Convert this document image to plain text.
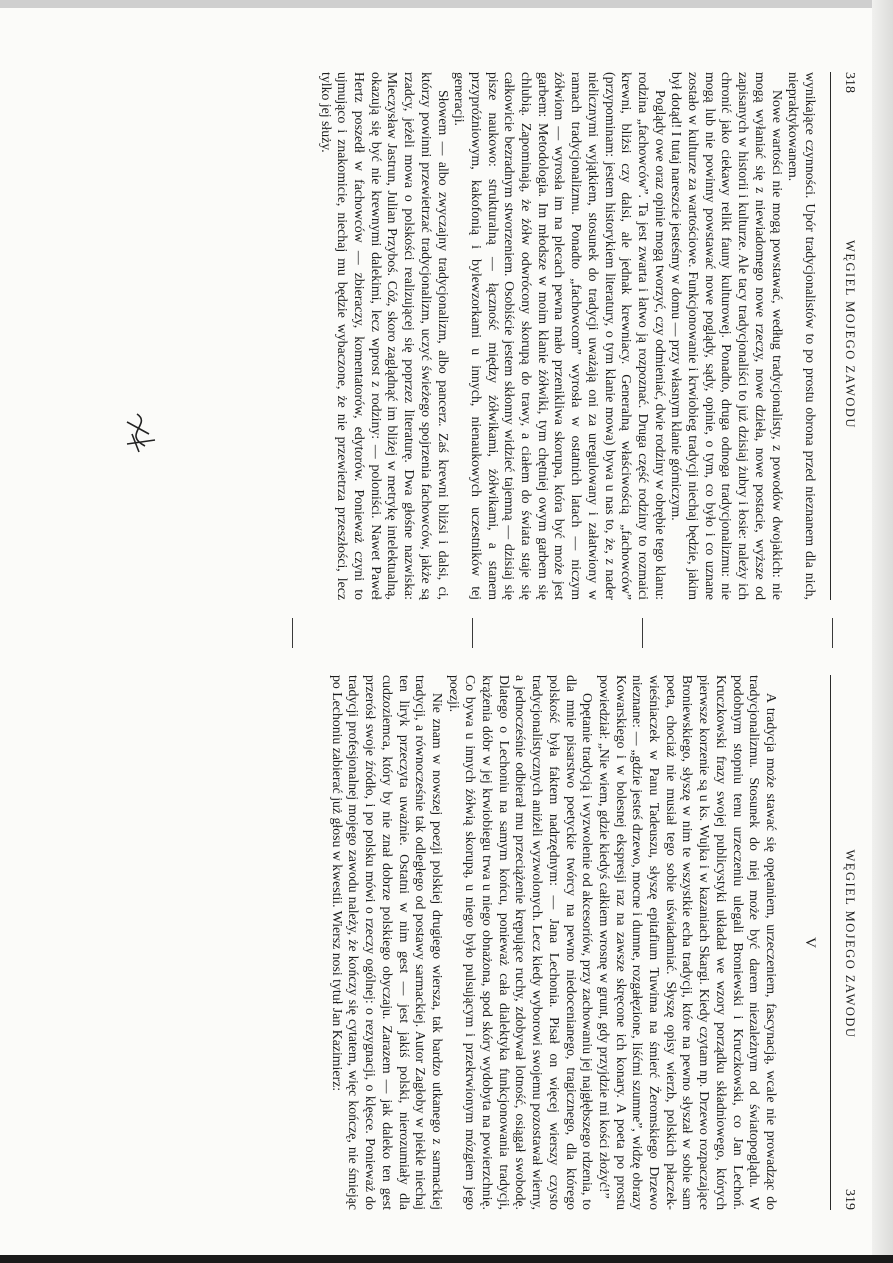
318
WĘGIEL MOJEGO ZAWODU

wynikające czynności. Upór tradycjonalistów to po prostu obrona przed nieznanem dla nich, niepraktykowanem.

Nowe wartości nie mogą powstawać, według tradycjonalisty, z powodów dwojakich: nie mogą wyłaniać się z niewiadomego nowe rzeczy, nowe dzieła, nowe postacie, wyższe od zapisanych w historii i kulturze. Ale tacy tradycjonaliści to już dzisiaj żubry i łosie: należy ich chronić jako ciekawy relikt fauny kulturowej. Ponadto, druga odnoga tradycjonalizmu: nie mogą lub nie powinny powstawać nowe poglądy, sądy, opinie, o tym, co było i co uznane zostało w kulturze za wartościowe. Funkcjonowanie i krwiobieg tradycji niechaj będzie, jakim był dotąd! I tutaj nareszcie jesteśmy w domu — przy własnym klanie górniczym.

Poglądy owe oraz opinie mogą tworzyć, czy odmieniać, dwie rodziny w obrębie tego klanu: rodzina „fachowców”. Ta jest zwarta i łatwo ją rozpoznać. Druga część rodziny to rozmaici krewni, bliżsi czy dalsi, ale jednak krewniacy. Generalną właściwością „fachowców” (przypominam: jestem historykiem literatury, o tym klanie mowa) bywa u nas to, że, z nader nielicznymi wyjątkiem, stosunek do tradycji uważają oni za uregulowany i załatwiony w ramach tradycjonalizmu. Ponadto „fachowcom” wyrosła w ostatnich latach — niczym żółwiom — wyrosła im na plecach pewna mało przenikliwa skorupa, która być może jest garbem: Metodologia. Im młodsze w moim klanie żółwiki, tym chętniej owym garbem się chlubią. Zapominają, że żółw odwrócony skorupą do trawy, a ciałem do świata staje się całkowicie bezradnym stworzeniem. Osobiście jestem skłonny widzieć tajemną — dzisiaj się pisze naukowo: strukturalną — łączność między żółwikami, żółwikami, a stanem przypróżniowym, kakofonią i bylewzorkami u innych, nienaukowych uczestników tej generacji.

Słowem — albo zwyczajny tradycjonalizm, albo pancerz. Zaś krewni bliżsi i dalsi, ci, którzy powinni przewietrzać tradycjonalizm, uczyć świeżego spojrzenia fachowców, jakże są rzadcy, jeżeli mowa o polskości realizującej się poprzez literaturę. Dwa głośne nazwiska: Mieczysław Jastrun, Julian Przyboś. Cóż, skoro zaglądnąć im bliżej w metrykę intelektualną, okazują się być nie krewnymi dalekimi, lecz wprost z rodziny: — poloniści. Nawet Paweł Hertz poszedł w fachowców — zbieraczy, komentatorów, edytorów. Ponieważ czyni to ujmująco i znakomicie, niechaj mu będzie wybaczone, że nie przewietrza przeszłości, lecz tylko jej służy.

WĘGIEL MOJEGO ZAWODU
319
V

A tradycja może stawać się opętaniem, urzeczeniem, fascynacją, wcale nie prowadząc do tradycjonalizmu. Stosunek do niej może być darem niezależnym od światopoglądu. W podobnym stopniu tenu urzeczeniu ulegali Broniewski i Kruczkowski, co Jan Lechoń. Kruczkowski frazy swojej publicystyki układał we wzory porządku składniowego, których pierwsze korzenie są u ks. Wujka i w kazaniach Skargi. Kiedy czytam np. Drzewo rozpaczające Broniewskiego, słyszę w nim te wszystkie echa tradycji, które na pewno słyszał w sobie sam poeta, chociaż nie musiał tego sobie uświadamiać. Słyszę opisy wierzb, polskich płaczek-wieśniaczek w Panu Tadeuszu, słyszę epitafium Tuwima na śmierć Żeromskiego Drzewo nieznane: — „gdzie jesteś drzewo, mocne i dumne, rozgałęzione, liśćmi szumne”, widzę obrazy Kowarskiego i w bolesnej ekspresji raz na zawsze skręcone ich konary. A poeta po prostu powiedział: „Nie wiem, gdzie kiedyś całkiem wrosnę w grunt, gdy przyjdzie mi kości złożyć!”

Opętanie tradycją i wyzwolenie od akcesoriów, przy zachowaniu jej najgłębszego rdzenia, to dla mnie pisarstwo poetyckie twórcy na pewno niedocenianego, tragicznego, dla którego polskość była faktem nadrzędnym: — Jana Lechonia. Pisał on więcej wierszy czysto tradycjonalistycznych aniżeli wyzwolonych. Lecz kiedy wyborowi swojemu pozostawał wierny, a jednocześnie odbierał mu przeciążenie krępujące ruchy, zdobywał lotność, osiągał swobodę. Dlatego o Lechoniu na samym końcu, ponieważ cała dialektyka funkcjonowania tradycji, krążenia dóbr w jej krwiobiegu trwa u niego obnażona, spod skóry wydobyta na powierzchnię. Co bywa u innych żółwią skorupą, u niego było pulsującym i przekrwionym mózgiem jego poezji.

Nie znam w nowszej poezji polskiej drugiego wiersza, tak bardzo utkanego z sarmackiej tradycji, a równocześnie tak odległego od postawy sarmackiej. Autor Zagłoby w piekle niechaj ten liryk przeczyta uważnie. Ostatni w nim gest — jest jakiś polski, nierozumiały dla cudzoziemca, który by nie znał dobrze polskiego obyczaju. Zarazem — jak daleko ten gest przerósł swoje źródło, i po polsku mówi o rzeczy ogólnej: o rezygnacji, o klęsce. Ponieważ do tradycji profesjonalnej mojego zawodu należy, że kończy się cytatem, więc kończę, nie śmiejąc po Lechoniu zabierać już głosu w kwestii. Wiersz nosi tytuł Jan Kazimierz:
